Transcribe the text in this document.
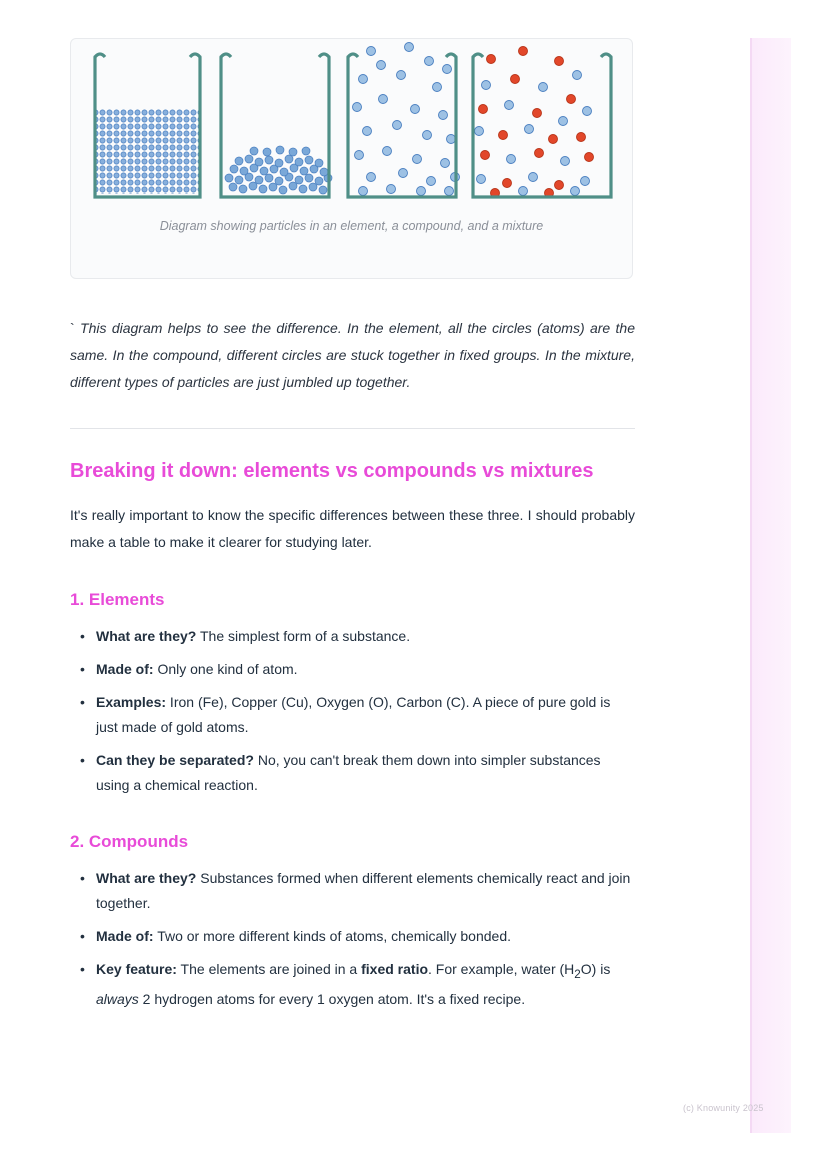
Diagram showing particles in an element, a compound, and a mixture

` This diagram helps to see the difference. In the element, all the circles (atoms) are the same. In the compound, different circles are stuck together in fixed groups. In the mixture, different types of particles are just jumbled up together.

Breaking it down: elements vs compounds vs mixtures

It's really important to know the specific differences between these three. I should probably make a table to make it clearer for studying later.

1. Elements
• What are they? The simplest form of a substance.
• Made of: Only one kind of atom.
• Examples: Iron (Fe), Copper (Cu), Oxygen (O), Carbon (C). A piece of pure gold is just made of gold atoms.
• Can they be separated? No, you can't break them down into simpler substances using a chemical reaction.
2. Compounds
• What are they? Substances formed when different elements chemically react and join together.
• Made of: Two or more different kinds of atoms, chemically bonded.
• Key feature: The elements are joined in a fixed ratio. For example, water $(H_2O)$ is always 2 hydrogen atoms for every 1 oxygen atom. It's a fixed recipe.
(c) Knowunity 2025
